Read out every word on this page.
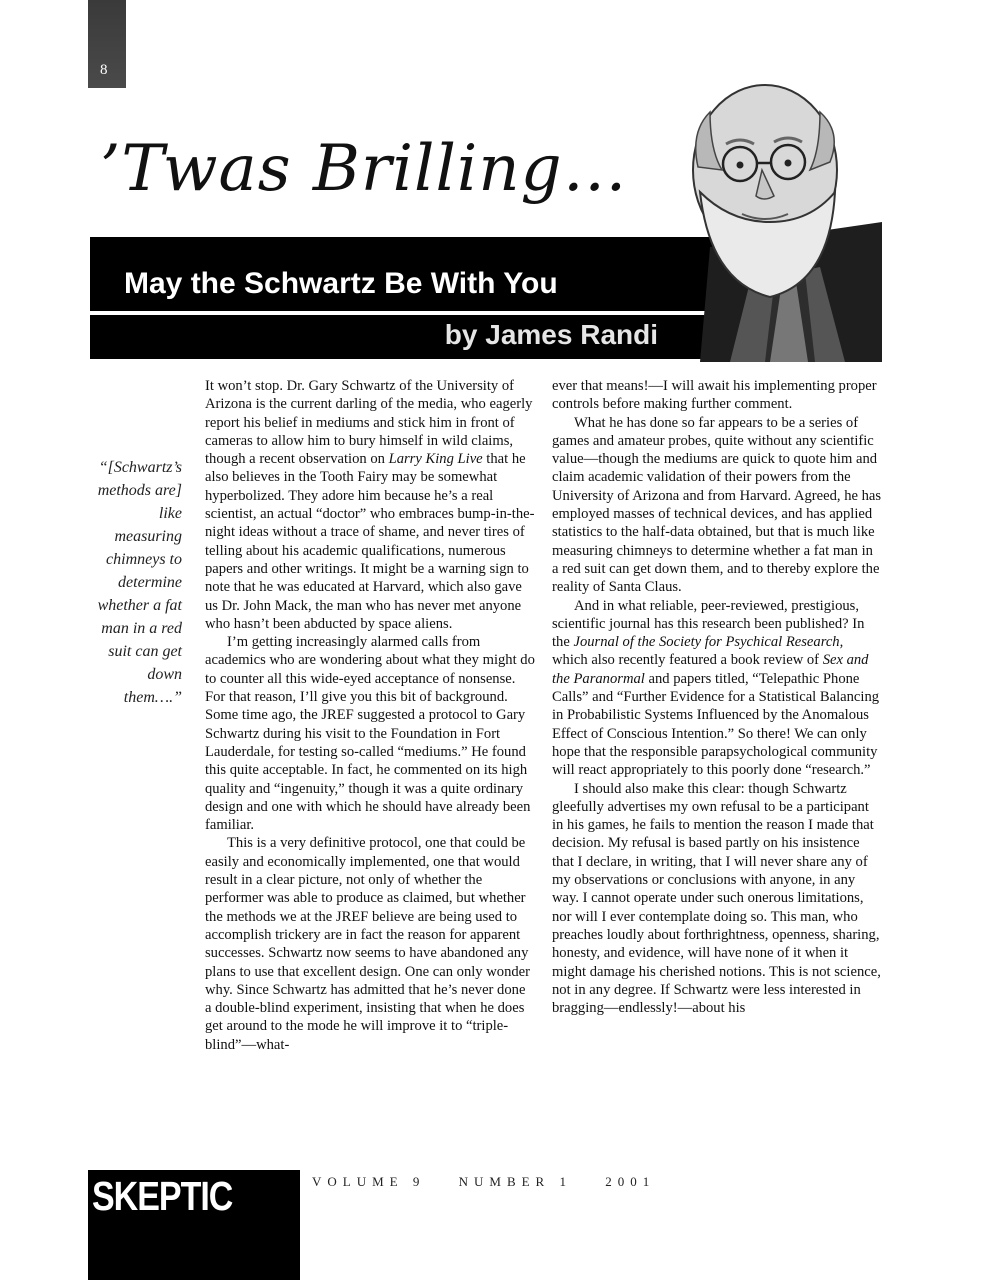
8
’Twas Brilling…
May the Schwartz Be With You
by James Randi
“[Schwartz’s methods are] like measuring chimneys to determine whether a fat man in a red suit can get down them….”

It won’t stop. Dr. Gary Schwartz of the University of Arizona is the current darling of the media, who eagerly report his belief in mediums and stick him in front of cameras to allow him to bury himself in wild claims, though a recent observation on Larry King Live that he also believes in the Tooth Fairy may be somewhat hyperbolized. They adore him because he’s a real scientist, an actual “doctor” who embraces bump-in-the-night ideas without a trace of shame, and never tires of telling about his academic qualifications, numerous papers and other writings. It might be a warning sign to note that he was educated at Harvard, which also gave us Dr. John Mack, the man who has never met anyone who hasn’t been abducted by space aliens.

I’m getting increasingly alarmed calls from academics who are wondering about what they might do to counter all this wide-eyed acceptance of nonsense. For that reason, I’ll give you this bit of background. Some time ago, the JREF suggested a protocol to Gary Schwartz during his visit to the Foundation in Fort Lauderdale, for testing so-called “mediums.” He found this quite acceptable. In fact, he commented on its high quality and “ingenuity,” though it was a quite ordinary design and one with which he should have already been familiar.

This is a very definitive protocol, one that could be easily and economically implemented, one that would result in a clear picture, not only of whether the performer was able to produce as claimed, but whether the methods we at the JREF believe are being used to accomplish trickery are in fact the reason for apparent successes. Schwartz now seems to have abandoned any plans to use that excellent design. One can only wonder why. Since Schwartz has admitted that he’s never done a double-blind experiment, insisting that when he does get around to the mode he will improve it to “triple-blind”—what-

ever that means!—I will await his implementing proper controls before making further comment.

What he has done so far appears to be a series of games and amateur probes, quite without any scientific value—though the mediums are quick to quote him and claim academic validation of their powers from the University of Arizona and from Harvard. Agreed, he has employed masses of technical devices, and has applied statistics to the half-data obtained, but that is much like measuring chimneys to determine whether a fat man in a red suit can get down them, and to thereby explore the reality of Santa Claus.

And in what reliable, peer-reviewed, prestigious, scientific journal has this research been published? In the Journal of the Society for Psychical Research, which also recently featured a book review of Sex and the Paranormal and papers titled, “Telepathic Phone Calls” and “Further Evidence for a Statistical Balancing in Probabilistic Systems Influenced by the Anomalous Effect of Conscious Intention.” So there! We can only hope that the responsible parapsychological community will react appropriately to this poorly done “research.”

I should also make this clear: though Schwartz gleefully advertises my own refusal to be a participant in his games, he fails to mention the reason I made that decision. My refusal is based partly on his insistence that I declare, in writing, that I will never share any of my observations or conclusions with anyone, in any way. I cannot operate under such onerous limitations, nor will I ever contemplate doing so. This man, who preaches loudly about forthrightness, openness, sharing, honesty, and evidence, will have none of it when it might damage his cherished notions. This is not science, not in any degree. If Schwartz were less interested in bragging—endlessly!—about his

SKEPTIC	VOLUME 9	NUMBER 1	2001
